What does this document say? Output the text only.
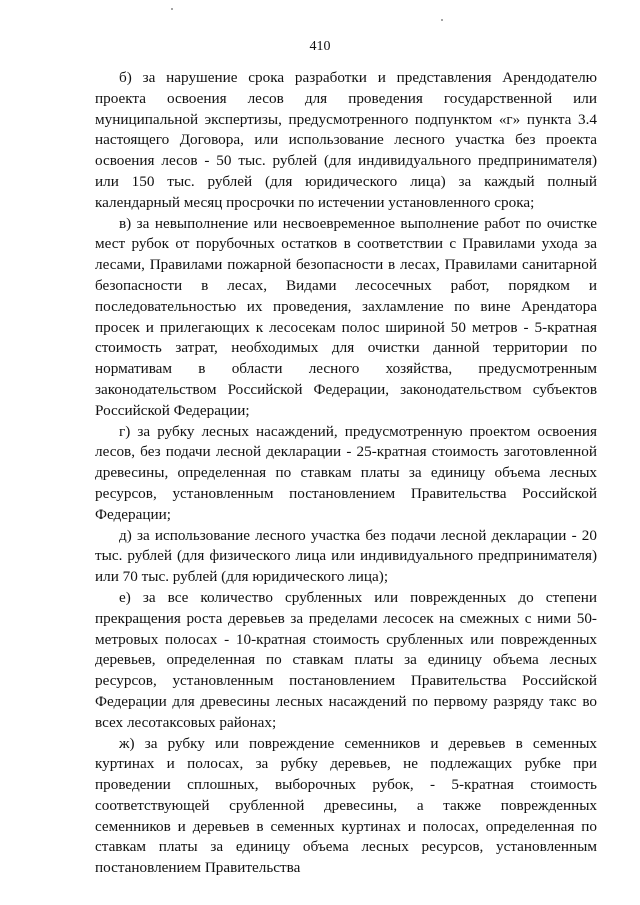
410

б) за нарушение срока разработки и представления Арендодателю проекта освоения лесов для проведения государственной или муниципальной экспертизы, предусмотренного подпунктом «г» пункта 3.4 настоящего Договора, или использование лесного участка без проекта освоения лесов - 50 тыс. рублей (для индивидуального предпринимателя) или 150 тыс. рублей (для юридического лица) за каждый полный календарный месяц просрочки по истечении установленного срока;

в) за невыполнение или несвоевременное выполнение работ по очистке мест рубок от порубочных остатков в соответствии с Правилами ухода за лесами, Правилами пожарной безопасности в лесах, Правилами санитарной безопасности в лесах, Видами лесосечных работ, порядком и последовательностью их проведения, захламление по вине Арендатора просек и прилегающих к лесосекам полос шириной 50 метров - 5-кратная стоимость затрат, необходимых для очистки данной территории по нормативам в области лесного хозяйства, предусмотренным законодательством Российской Федерации, законодательством субъектов Российской Федерации;

г) за рубку лесных насаждений, предусмотренную проектом освоения лесов, без подачи лесной декларации - 25-кратная стоимость заготовленной древесины, определенная по ставкам платы за единицу объема лесных ресурсов, установленным постановлением Правительства Российской Федерации;

д) за использование лесного участка без подачи лесной декларации - 20 тыс. рублей (для физического лица или индивидуального предпринимателя) или 70 тыс. рублей (для юридического лица);

е) за все количество срубленных или поврежденных до степени прекращения роста деревьев за пределами лесосек на смежных с ними 50-метровых полосах - 10-кратная стоимость срубленных или поврежденных деревьев, определенная по ставкам платы за единицу объема лесных ресурсов, установленным постановлением Правительства Российской Федерации для древесины лесных насаждений по первому разряду такс во всех лесотаксовых районах;

ж) за рубку или повреждение семенников и деревьев в семенных куртинах и полосах, за рубку деревьев, не подлежащих рубке при проведении сплошных, выборочных рубок, - 5-кратная стоимость соответствующей срубленной древесины, а также поврежденных семенников и деревьев в семенных куртинах и полосах, определенная по ставкам платы за единицу объема лесных ресурсов, установленным постановлением Правительства
